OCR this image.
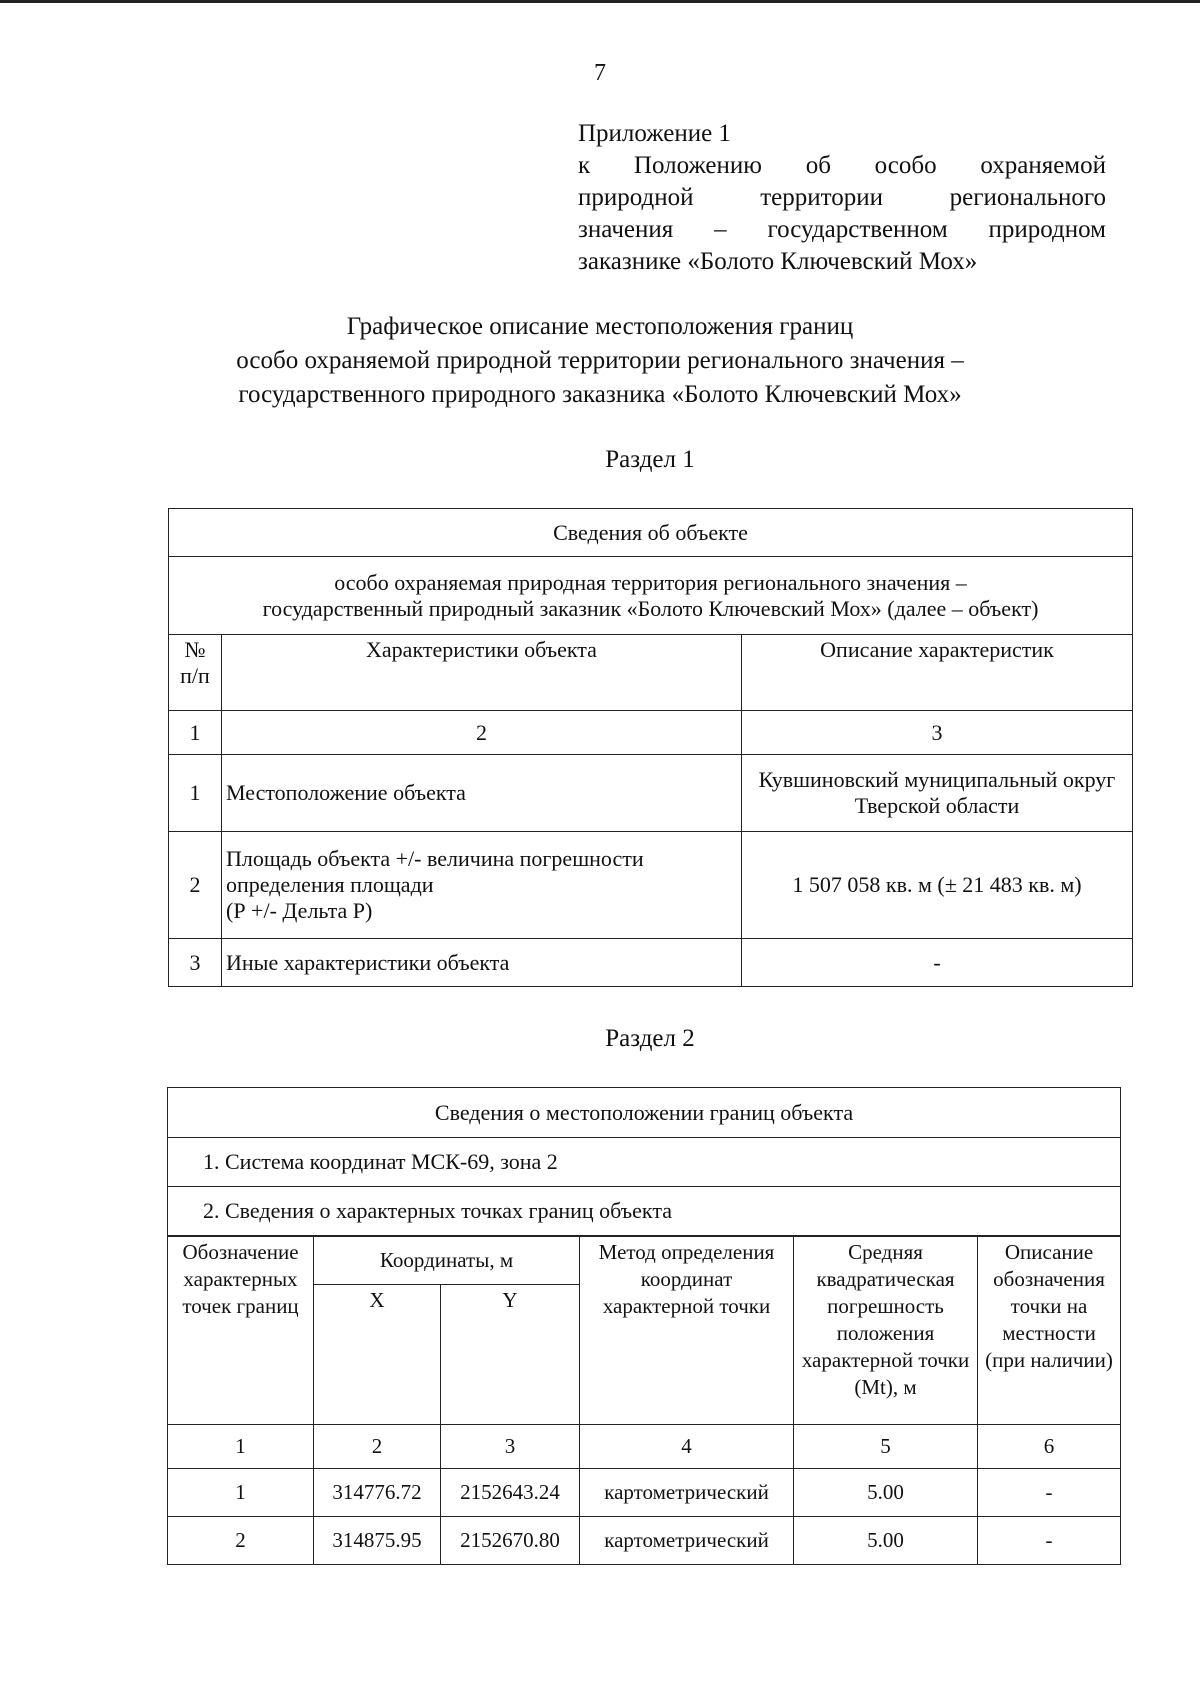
7
Приложение 1
к Положению об особо охраняемой
природной территории регионального
значения – государственном природном
заказнике «Болото Ключевский Мох»
Графическое описание местоположения границ
особо охраняемой природной территории регионального значения –
государственного природного заказника «Болото Ключевский Мох»
Раздел 1
Сведения об объекте		

особо охраняемая природная территория регионального значения –
государственный природный заказник «Болото Ключевский Мох» (далее – объект)		

№ п/п	Характеристики объекта	Описание характеристик
1	2	3
1	Местоположение объекта	Кувшиновский муниципальный округ Тверской области
2	Площадь объекта +/- величина погрешности
определения площади
(Р +/- Дельта Р)	1 507 058 кв. м (± 21 483 кв. м)
3	Иные характеристики объекта	-
Раздел 2
Сведения о местоположении границ объекта
1. Система координат МСК-69, зона 2
2. Сведения о характерных точках границ объекта
Обозначение характерных точек границ	Координаты, м		Метод определения координат характерной точки	Средняя квадратическая погрешность положения характерной точки (Mt), м	Описание обозначения точки на местности (при наличии)
	X	Y			
1	2	3	4	5	6
1	314776.72	2152643.24	картометрический	5.00	-
2	314875.95	2152670.80	картометрический	5.00	-
